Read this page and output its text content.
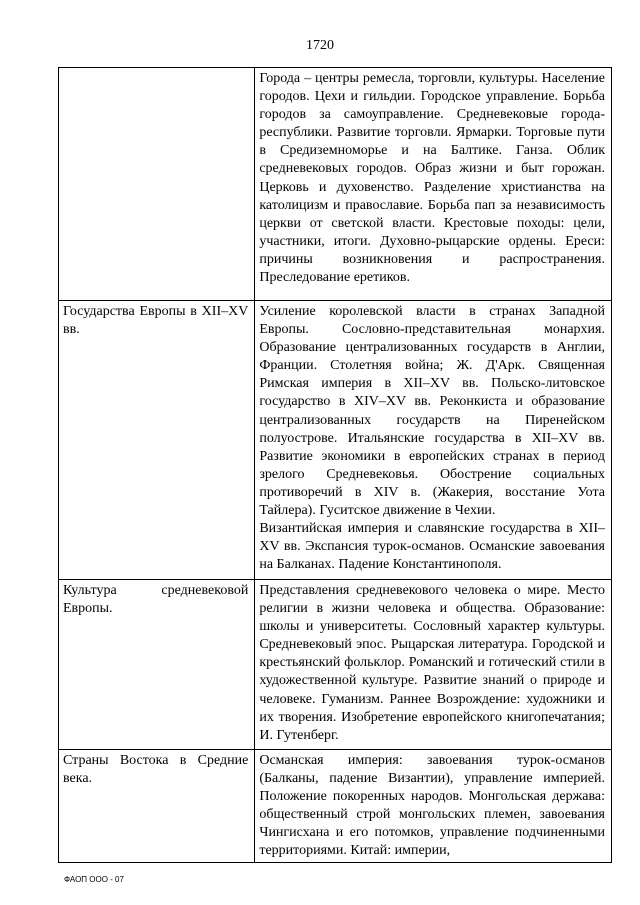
1720

	Города – центры ремесла, торговли, культуры. Население городов. Цехи и гильдии. Городское управление. Борьба городов за самоуправление. Средневековые города-республики. Развитие торговли. Ярмарки. Торговые пути в Средиземноморье и на Балтике. Ганза. Облик средневековых городов. Образ жизни и быт горожан. Церковь и духовенство. Разделение христианства на католицизм и православие. Борьба пап за независимость церкви от светской власти. Крестовые походы: цели, участники, итоги. Духовно-рыцарские ордены. Ереси: причины возникновения и распространения. Преследование еретиков.

Государства Европы в XII–XV вв.	Усиление королевской власти в странах Западной Европы. Сословно-представительная монархия. Образование централизованных государств в Англии, Франции. Столетняя война; Ж. Д'Арк. Священная Римская империя в XII–XV вв. Польско-литовское государство в XIV–XV вв. Реконкиста и образование централизованных государств на Пиренейском полуострове. Итальянские государства в XII–XV вв. Развитие экономики в европейских странах в период зрелого Средневековья. Обострение социальных противоречий в XIV в. (Жакерия, восстание Уота Тайлера). Гуситское движение в Чехии.

Византийская империя и славянские государства в XII–XV вв. Экспансия турок-османов. Османские завоевания на Балканах. Падение Константинополя.

Культура средневековой Европы.	Представления средневекового человека о мире. Место религии в жизни человека и общества. Образование: школы и университеты. Сословный характер культуры. Средневековый эпос. Рыцарская литература. Городской и крестьянский фольклор. Романский и готический стили в художественной культуре. Развитие знаний о природе и человеке. Гуманизм. Раннее Возрождение: художники и их творения. Изобретение европейского книгопечатания; И. Гутенберг.

Страны Востока в Средние века.	Османская империя: завоевания турок-османов (Балканы, падение Византии), управление империей. Положение покоренных народов. Монгольская держава: общественный строй монгольских племен, завоевания Чингисхана и его потомков, управление подчиненными территориями. Китай: империи,

ФАОП ООО - 07
